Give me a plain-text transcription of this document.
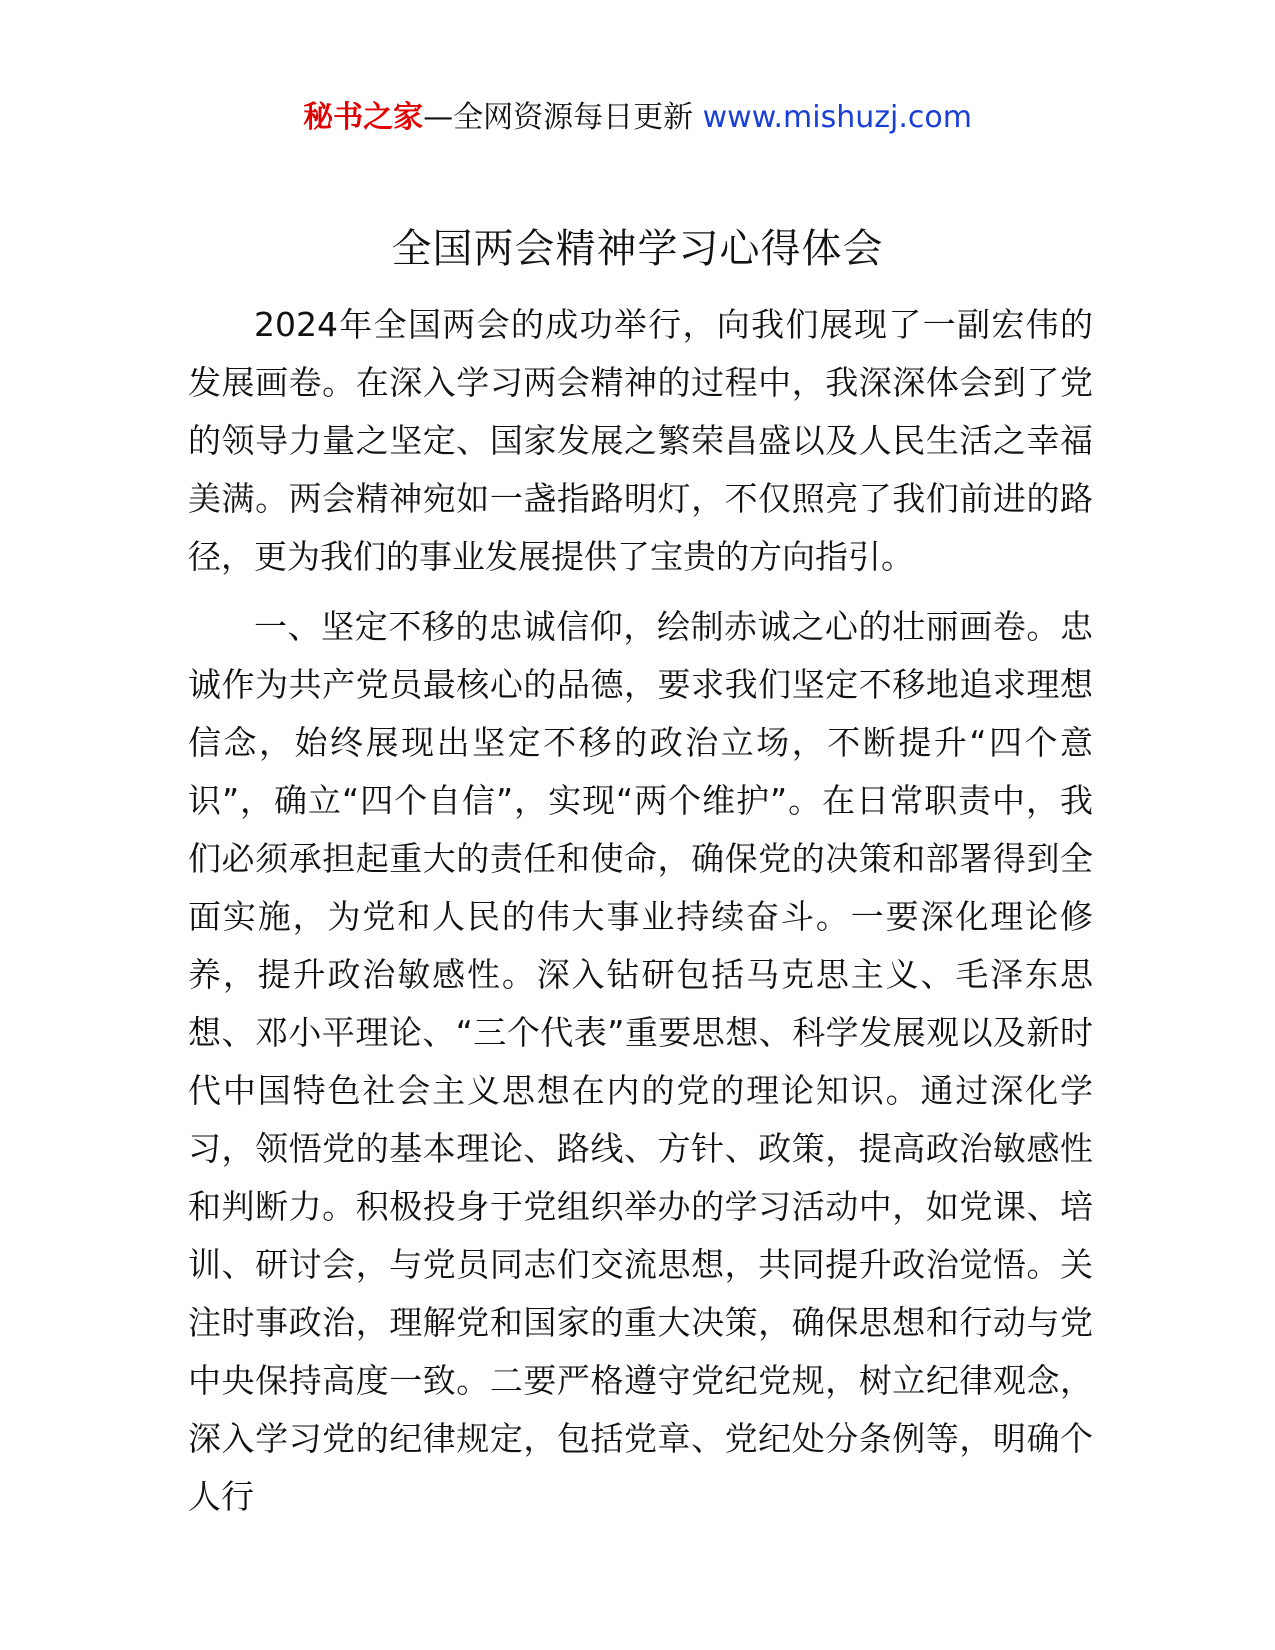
秘书之家—全网资源每日更新 www.mishuzj.com
全国两会精神学习心得体会

2024年全国两会的成功举行，向我们展现了一副宏伟的发展画卷。在深入学习两会精神的过程中，我深深体会到了党的领导力量之坚定、国家发展之繁荣昌盛以及人民生活之幸福美满。两会精神宛如一盏指路明灯，不仅照亮了我们前进的路径，更为我们的事业发展提供了宝贵的方向指引。

一、坚定不移的忠诚信仰，绘制赤诚之心的壮丽画卷。忠诚作为共产党员最核心的品德，要求我们坚定不移地追求理想信念，始终展现出坚定不移的政治立场，不断提升“四个意识”，确立“四个自信”，实现“两个维护”。在日常职责中，我们必须承担起重大的责任和使命，确保党的决策和部署得到全面实施，为党和人民的伟大事业持续奋斗。一要深化理论修养，提升政治敏感性。深入钻研包括马克思主义、毛泽东思想、邓小平理论、“三个代表”重要思想、科学发展观以及新时代中国特色社会主义思想在内的党的理论知识。通过深化学习，领悟党的基本理论、路线、方针、政策，提高政治敏感性和判断力。积极投身于党组织举办的学习活动中，如党课、培训、研讨会，与党员同志们交流思想，共同提升政治觉悟。关注时事政治，理解党和国家的重大决策，确保思想和行动与党中央保持高度一致。二要严格遵守党纪党规，树立纪律观念，深入学习党的纪律规定，包括党章、党纪处分条例等，明确个人行
